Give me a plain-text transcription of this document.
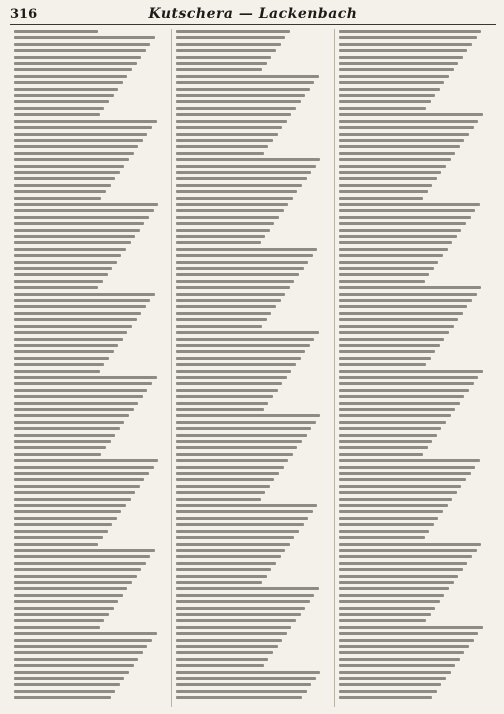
316	Kutschera — Lackenbach
